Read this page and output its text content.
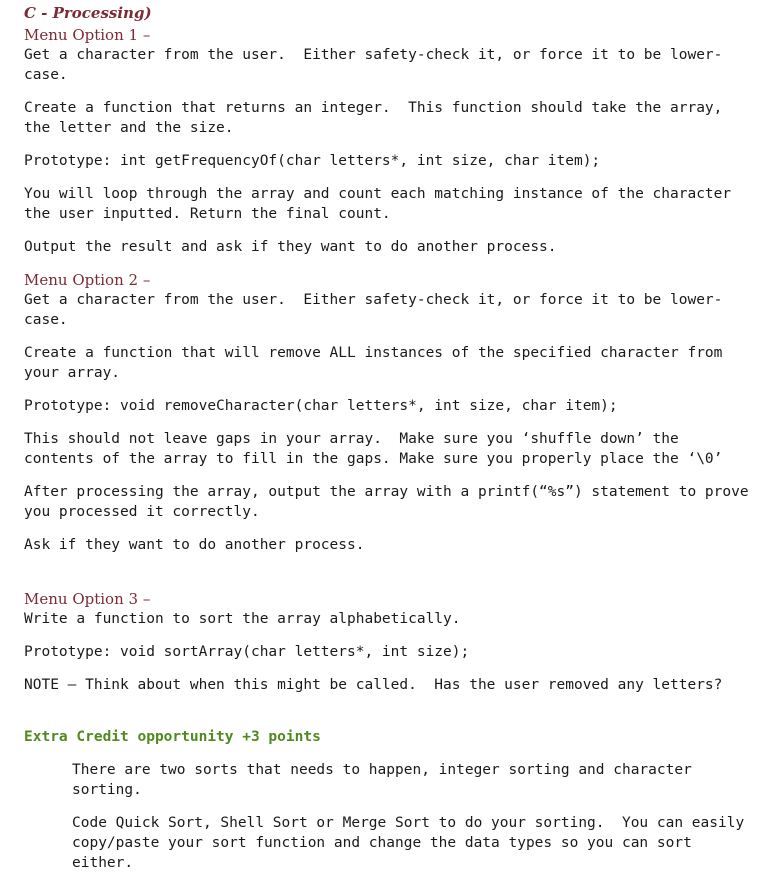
C - Processing)
Menu Option 1 –

Get a character from the user.  Either safety-check it, or force it to be lower-case.

Create a function that returns an integer.  This function should take the array, the letter and the size.

Prototype: int getFrequencyOf(char letters*, int size, char item);

You will loop through the array and count each matching instance of the character the user inputted. Return the final count.

Output the result and ask if they want to do another process.

Menu Option 2 –

Get a character from the user.  Either safety-check it, or force it to be lower-case.

Create a function that will remove ALL instances of the specified character from your array.

Prototype: void removeCharacter(char letters*, int size, char item);

This should not leave gaps in your array.  Make sure you ‘shuffle down’ the contents of the array to fill in the gaps. Make sure you properly place the ‘\0’

After processing the array, output the array with a printf(“%s”) statement to prove you processed it correctly.

Ask if they want to do another process.

Menu Option 3 –

Write a function to sort the array alphabetically.

Prototype: void sortArray(char letters*, int size);

NOTE – Think about when this might be called.  Has the user removed any letters?

Extra Credit opportunity +3 points

There are two sorts that needs to happen, integer sorting and character sorting.

Code Quick Sort, Shell Sort or Merge Sort to do your sorting.  You can easily copy/paste your sort function and change the data types so you can sort either.
